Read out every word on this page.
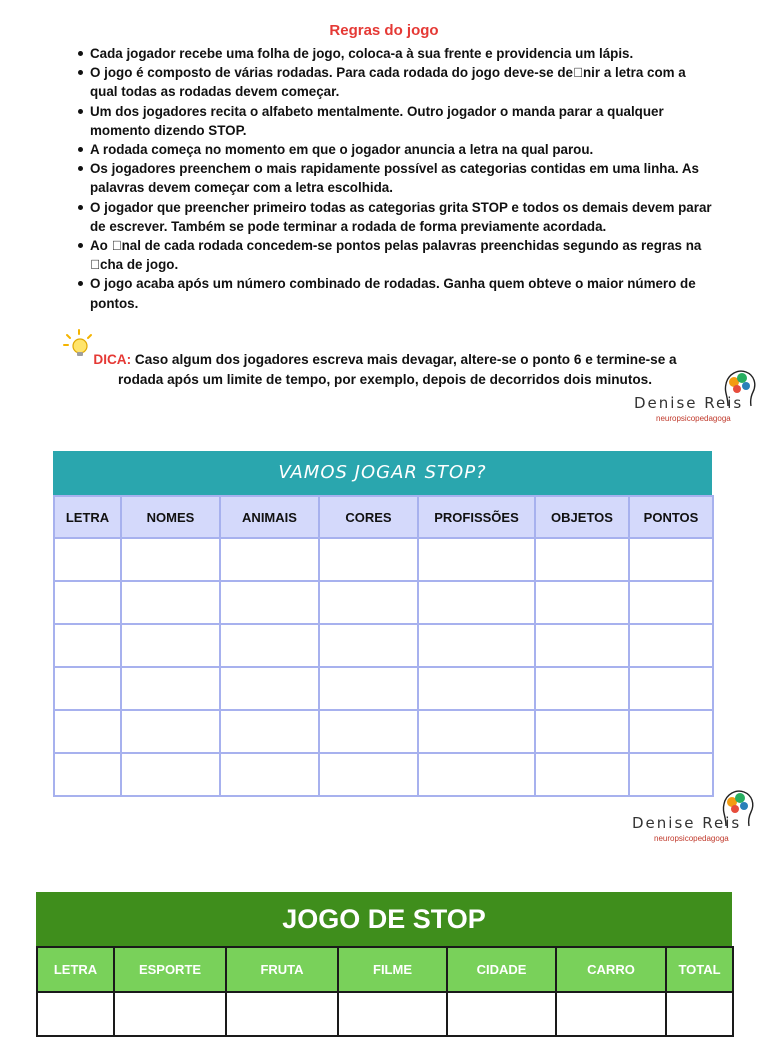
Regras do jogo
Cada jogador recebe uma folha de jogo, coloca-a à sua frente e providencia um lápis.
O jogo é composto de várias rodadas. Para cada rodada do jogo deve-se de nir a letra com a qual todas as rodadas devem começar.
Um dos jogadores recita o alfabeto mentalmente. Outro jogador o manda parar a qualquer momento dizendo STOP.
A rodada começa no momento em que o jogador anuncia a letra na qual parou.
Os jogadores preenchem o mais rapidamente possível as categorias contidas em uma linha. As palavras devem começar com a letra escolhida.
O jogador que preencher primeiro todas as categorias grita STOP e todos os demais devem parar de escrever. Também se pode terminar a rodada de forma previamente acordada.
Ao  nal de cada rodada concedem-se pontos pelas palavras preenchidas segundo as regras na  cha de jogo.
O jogo acaba após um número combinado de rodadas. Ganha quem obteve o maior número de pontos.
DICA: Caso algum dos jogadores escreva mais devagar, altere-se o ponto 6 e termine-se a rodada após um limite de tempo, por exemplo, depois de decorridos dois minutos.
Denise Reis
neuropsicopedagoga
VAMOS JOGAR STOP?
LETRA	NOMES	ANIMAIS	CORES	PROFISSÕES	OBJETOS	PONTOS

Denise Reis
neuropsicopedagoga
JOGO DE STOP
LETRA	ESPORTE	FRUTA	FILME	CIDADE	CARRO	TOTAL
